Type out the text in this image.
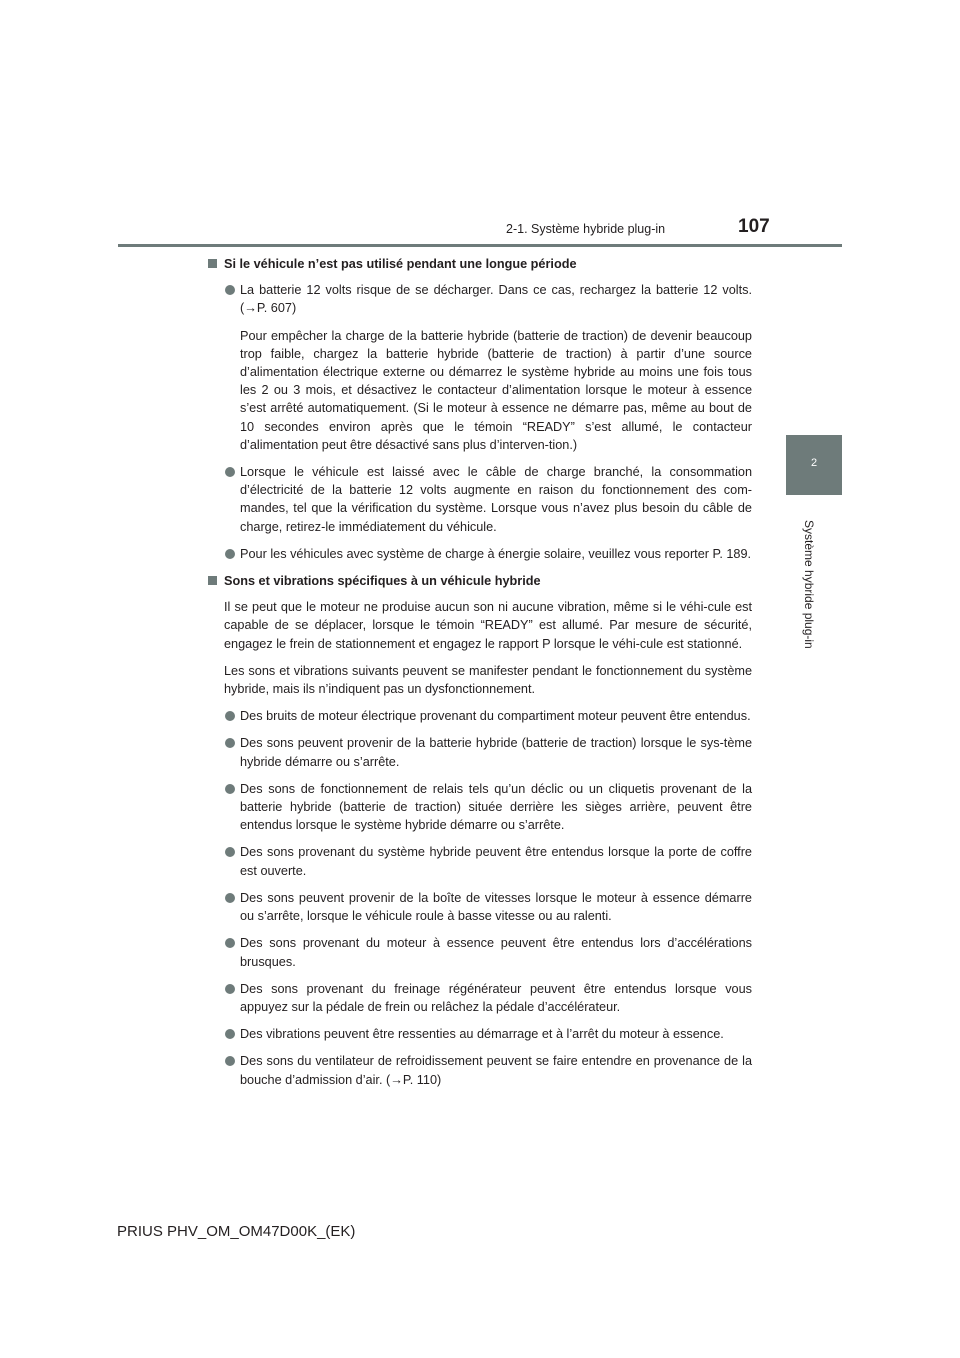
2-1. Système hybride plug-in	107
2
Système hybride plug-in
Si le véhicule n’est pas utilisé pendant une longue période
La batterie 12 volts risque de se décharger. Dans ce cas, rechargez la batterie 12 volts. (→P. 607)
Pour empêcher la charge de la batterie hybride (batterie de traction) de devenir beaucoup trop faible, chargez la batterie hybride (batterie de traction) à partir d’une source d’alimentation électrique externe ou démarrez le système hybride au moins une fois tous les 2 ou 3 mois, et désactivez le contacteur d’alimentation lorsque le moteur à essence s’est arrêté automatiquement. (Si le moteur à essence ne démarre pas, même au bout de 10 secondes environ après que le témoin “READY” s’est allumé, le contacteur d’alimentation peut être désactivé sans plus d’interven-tion.)
Lorsque le véhicule est laissé avec le câble de charge branché, la consommation d’électricité de la batterie 12 volts augmente en raison du fonctionnement des com-mandes, tel que la vérification du système. Lorsque vous n’avez plus besoin du câble de charge, retirez-le immédiatement du véhicule.
Pour les véhicules avec système de charge à énergie solaire, veuillez vous reporter P. 189.
Sons et vibrations spécifiques à un véhicule hybride
Il se peut que le moteur ne produise aucun son ni aucune vibration, même si le véhi-cule est capable de se déplacer, lorsque le témoin “READY” est allumé. Par mesure de sécurité, engagez le frein de stationnement et engagez le rapport P lorsque le véhi-cule est stationné.
Les sons et vibrations suivants peuvent se manifester pendant le fonctionnement du système hybride, mais ils n’indiquent pas un dysfonctionnement.
Des bruits de moteur électrique provenant du compartiment moteur peuvent être entendus.
Des sons peuvent provenir de la batterie hybride (batterie de traction) lorsque le sys-tème hybride démarre ou s’arrête.
Des sons de fonctionnement de relais tels qu’un déclic ou un cliquetis provenant de la batterie hybride (batterie de traction) située derrière les sièges arrière, peuvent être entendus lorsque le système hybride démarre ou s’arrête.
Des sons provenant du système hybride peuvent être entendus lorsque la porte de coffre est ouverte.
Des sons peuvent provenir de la boîte de vitesses lorsque le moteur à essence démarre ou s’arrête, lorsque le véhicule roule à basse vitesse ou au ralenti.
Des sons provenant du moteur à essence peuvent être entendus lors d’accélérations brusques.
Des sons provenant du freinage régénérateur peuvent être entendus lorsque vous appuyez sur la pédale de frein ou relâchez la pédale d’accélérateur.
Des vibrations peuvent être ressenties au démarrage et à l’arrêt du moteur à essence.
Des sons du ventilateur de refroidissement peuvent se faire entendre en provenance de la bouche d’admission d’air. (→P. 110)
PRIUS PHV_OM_OM47D00K_(EK)
